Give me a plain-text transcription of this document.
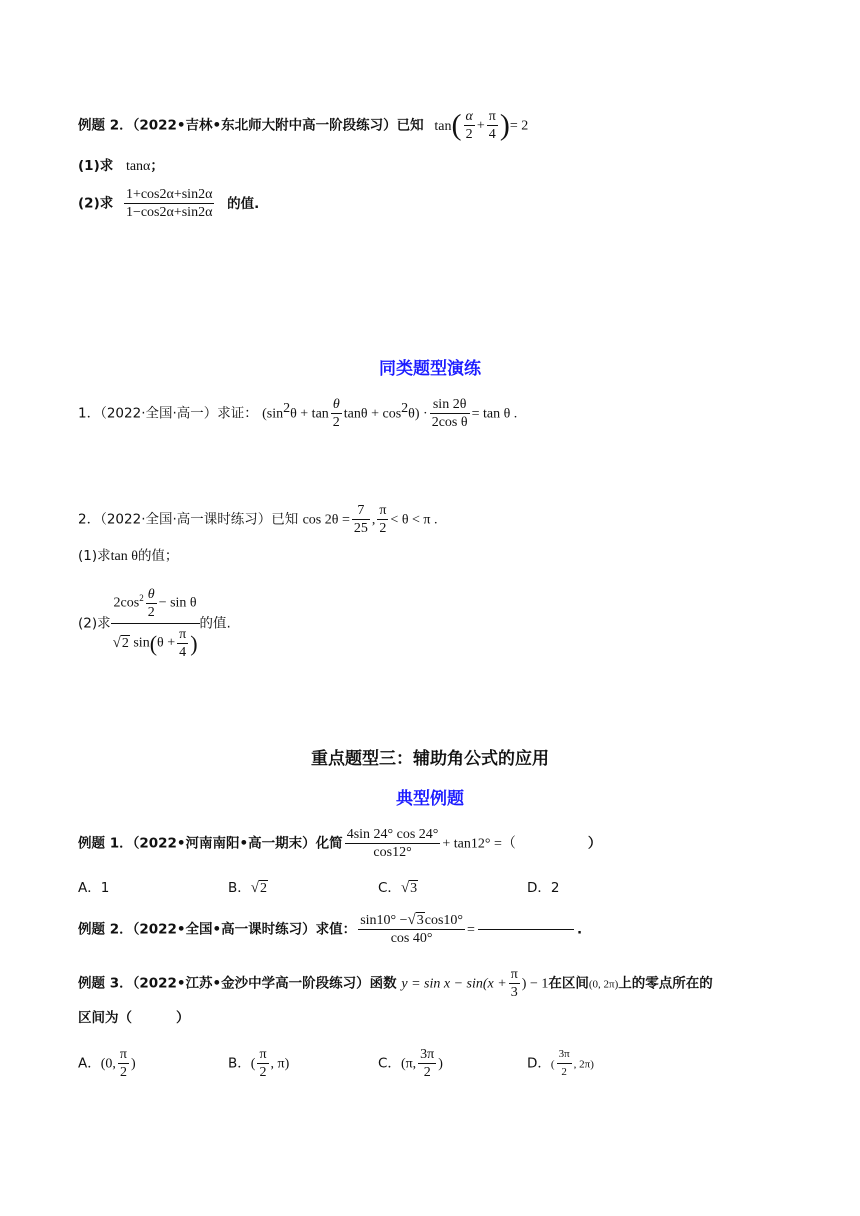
例题 2．（2022•吉林•东北师大附中高一阶段练习）已知 $\tan( \frac{\alpha}{2} + \frac{\pi}{4}$ )= 2
(1)求 tanα；
(2)求 $\frac{1+\cos 2\alpha+\sin 2\alpha}{1-\cos 2\alpha+\sin 2\alpha}$ 的值.
同类题型演练
1．（2022·全国·高一）求证： ($\sin^2\theta + \tan \frac{\theta}{2}$ $\tan\theta + \cos^2\theta) \cdot \frac{\sin 2\theta}{\text{2cos θ}} = \tan \theta$ .
2．（2022·全国·高一课时练习）已知 $\cos 2\theta = \frac{7}{25}$ , $\frac{\pi}{2} < \theta < \pi$ .
(1)求tan θ的值；
(2)求 $\frac{2\cos^2 \frac{\theta}{2} - \sin \theta}{√2 \sin(\theta + \frac{\pi}{4} )}$ 的值.
重点题型三：辅助角公式的应用
典型例题
例题 1．（2022•河南南阳•高一期末）化简 $\frac{4\sin 24^\circ \cos 24^\circ}{\cos 12^\circ} + \tan 12^\circ$ =（	）
A．1	B．√2	C．√3	D．2
例题 2．（2022•全国•高一课时练习）求值： $\frac{\sin 10^\circ -√3\cos 10^\circ}{\cos 40^\circ}$ =	.
例题 3．（2022•江苏•金沙中学高一阶段练习）函数 $y = \sin x - \sin(x + \frac{\pi}{3}$ ) − 1在区间(0, 2π)上的零点所在的
区间为（	）
A．(0, $\frac{\pi}{2}$ )	B．( $\frac{\pi}{2}$ , π)	C．(π, $\frac{3\pi}{2}$ )	D．( $\frac{3\pi}{2}$ , 2π)
